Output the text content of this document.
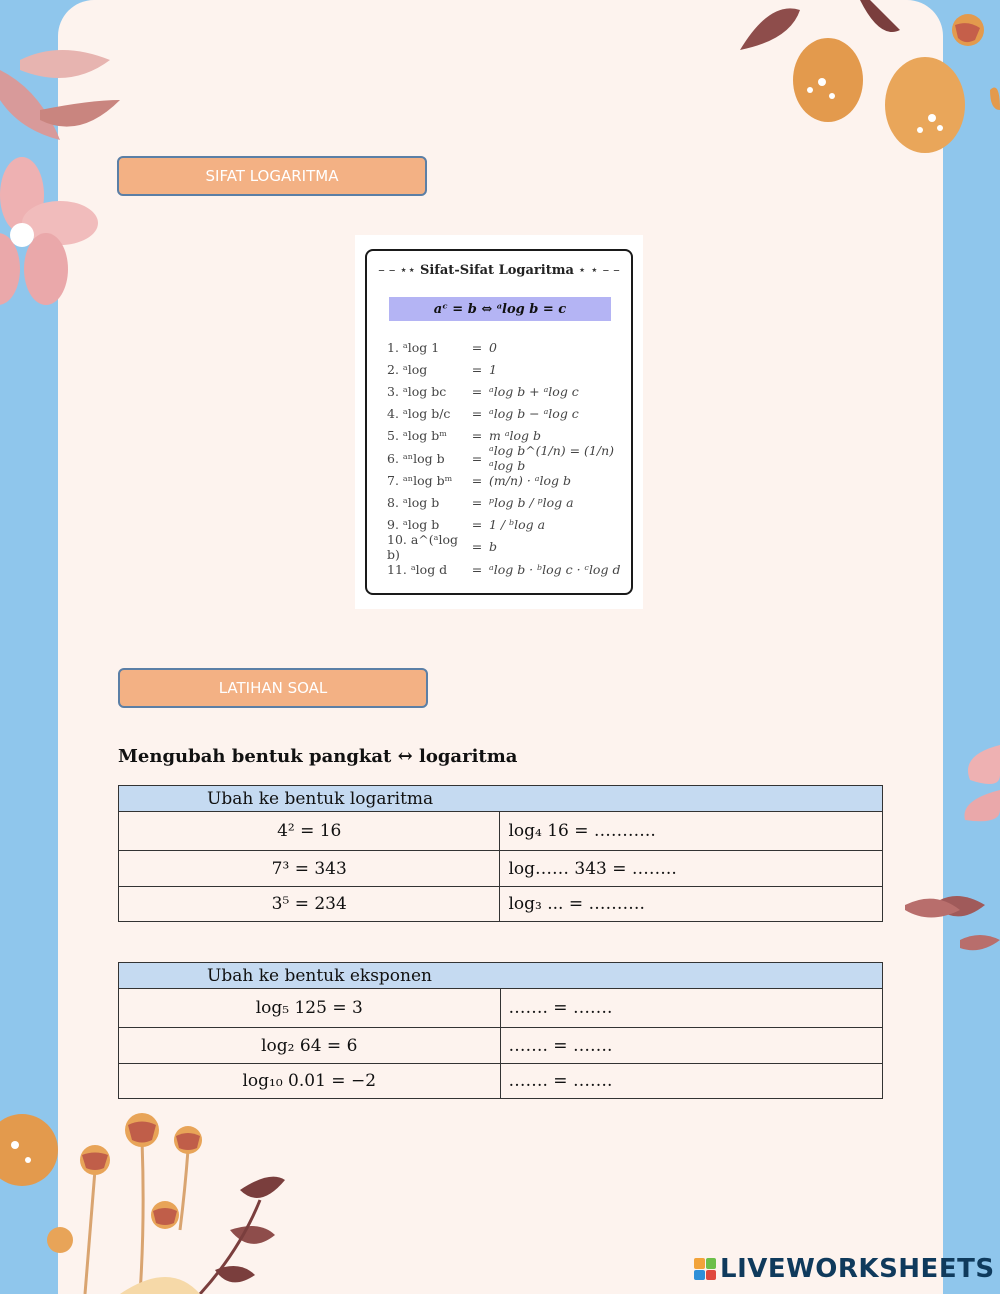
SIFAT LOGARITMA
– – ⋆⋆ Sifat-Sifat Logaritma ⋆ ⋆ – –
aᶜ = b ⇔ ᵃlog b = c
1. ᵃlog 1	= 0
2. ᵃlog	= 1
3. ᵃlog bc	= ᵃlog b + ᵃlog c
4. ᵃlog b/c	= ᵃlog b − ᵃlog c
5. ᵃlog bᵐ	= m ᵃlog b
6. ᵃⁿlog b	= ᵃlog b^(1/n) = (1/n) ᵃlog b
7. ᵃⁿlog bᵐ	= (m/n) · ᵃlog b
8. ᵃlog b	= ᵖlog b / ᵖlog a
9. ᵃlog b	= 1 / ᵇlog a
10. a^(ᵃlog b)	= b
11. ᵃlog d	= ᵃlog b · ᵇlog c · ᶜlog d
LATIHAN SOAL
Mengubah bentuk pangkat ↔ logaritma
Ubah ke bentuk logaritma	
4² = 16	log₄ 16 = ………..
7³ = 343	log…… 343 = ……..
3⁵ = 234	log₃ ... = ……….
Ubah ke bentuk eksponen	
log₅ 125 = 3	……. = …….
log₂ 64 = 6	……. = …….
log₁₀ 0.01 = −2	……. = …….
LIVEWORKSHEETS
